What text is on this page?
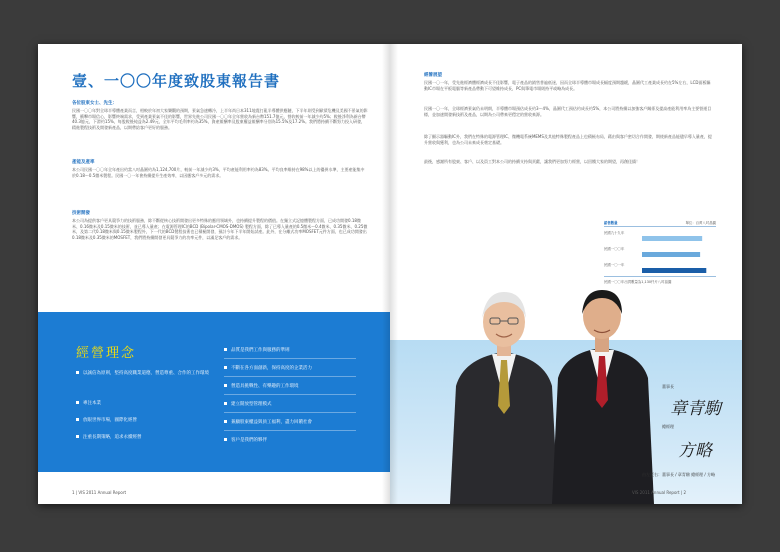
壹、一〇〇年度致股東報告書
各位股東女士、先生：
民國一〇〇年對全球半導體產業而言，相較於年初大家樂觀的預期，景氣急速轉冷，上半年尚日本311地震打亂半導體供應鏈，下半年則受到歐債危機及美國不景氣的影響，衝擊市場信心，影響終端需求，受到產業景氣不佳的影響，世界先進公司民國一〇〇年全年營收為新台幣151.7億元，營收較前一年減少約5%；稅後淨利為新台幣40.3億元，下滑約15%，每股稅後純益為2.49元，全年平均毛利率約為35%，資產報酬率及股東權益報酬率分別為15.5%及17.2%。我們將持續不斷努力投入研發，精進製程技術及開發新產品，以期帶給客戶更好的服務。
產能及產率
本公司民國一〇〇年全年產出約當八吋晶圓約為1,124,700片，較前一年減少約3%，平均產能利用率約為83%。平均良率維持在98%以上的優異水準，主要產能集中於0.18～0.5微米製程。民國一〇一年會持續提升生產效率，以因應客戶多元的需求。
技術開發
本公司為提供客戶更具競爭力的技術服務，除不斷從核心技術開發出更多特殊的應用領域外，也持續提升製程的價值。在獨立式記憶體製程方面，已成功開發0.18微米、0.16微米及0.15微米的技術，並已導入量產；在電源管理IC的BCD (Bipolar-CMOS-DMOS) 製程方面，除了已導入量產的0.5微米～0.4微米、0.35微米、0.25微米，及第二代0.18微米與0.15微米製程外，下一代的BCD製程技術也已積極開發，預計今年下半年開始試產。此外，在分離式功率MOSFET元件方面，也已成功開發出0.18微米及0.35微米的MOSFET，我們將持續開發更具競爭力的功率元件，以滿足客戶的需求。
經營理念
以誠信為原則，堅持高度職業道德，營造尊重、合作的工作環境
專注本業
放眼世界市場，國際化經營
注重長期策略，追求永續經營
品質是我們工作與服務的準則
不斷在各方面創新，保持高度的企業活力
營造具挑戰性、有樂趣的工作環境
建立開放型管理模式
兼顧股東權益與員工福利，盡力回饋社會
客戶是我們的夥伴
1 | VIS 2011 Annual Report
經營展望
民國一〇一年，受先進經濟體經濟成長不佳影響，電子產品的銷售普遍低迷，因而全球半導體市場成長幅度預期趨緩，晶圓代工產業成長約在5%左右，LCD面板驅動IC市場在平板電腦等新產品帶動下可望維持成長，PC與筆電市場則持平或略為成長。
民國一〇一年，全球經濟景氣仍未明朗，半導體市場預估成長約3～4%，晶圓代工預估約成長約5%，本公司將持續以加強客戶關係及提高產能利用率為主要營運目標，並加速開發新技術及產品，以期為公司帶來更穩定的營收來源。
除了顯示器驅動IC外，我們在特殊的電源管理IC、微機電系統MEMS及其他特殊製程產品上也積極布局，藉由與客戶密切合作開發，期使新產品能儘早導入量產，提升營收與獲利，也為公司未來成長奠定基礎。
最後，感謝所有股東、客戶、以及員工對本公司的持續支持與貢獻，讓我們更加努力經營，以回饋大家的期望，再創佳績！
銷售數量	單位：百萬八吋晶圓
民國九十九年
民國一〇〇年
民國一〇一年
民國一〇〇年出貨數量為1,130仟片八吋晶圓
董事長
章青駒
總經理
方略
由左至右：董事長 / 章青駒 總經理 / 方略
VIS 2011 Annual Report | 2
